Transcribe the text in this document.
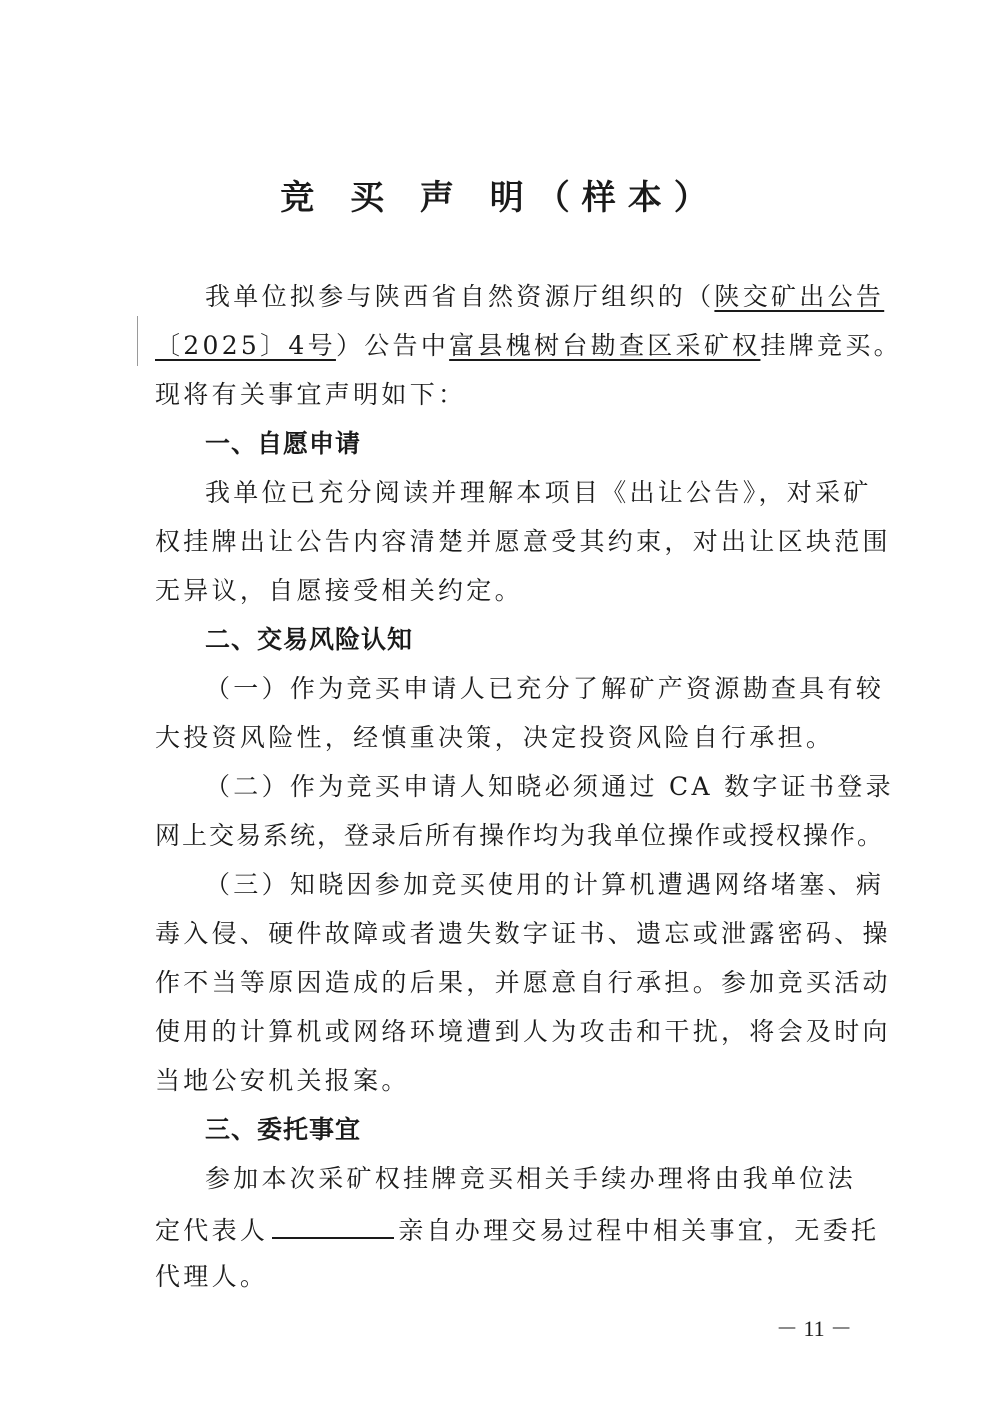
竞 买 声 明（样本）
我单位拟参与陕西省自然资源厅组织的（陕交矿出公告
〔2025〕4号）公告中富县槐树台勘查区采矿权挂牌竞买。
现将有关事宜声明如下：
一、自愿申请
我单位已充分阅读并理解本项目《出让公告》，对采矿
权挂牌出让公告内容清楚并愿意受其约束，对出让区块范围
无异议，自愿接受相关约定。
二、交易风险认知
（一）作为竞买申请人已充分了解矿产资源勘查具有较
大投资风险性，经慎重决策，决定投资风险自行承担。
（二）作为竞买申请人知晓必须通过 CA 数字证书登录
网上交易系统，登录后所有操作均为我单位操作或授权操作。
（三）知晓因参加竞买使用的计算机遭遇网络堵塞、病
毒入侵、硬件故障或者遗失数字证书、遗忘或泄露密码、操
作不当等原因造成的后果，并愿意自行承担。参加竞买活动
使用的计算机或网络环境遭到人为攻击和干扰，将会及时向
当地公安机关报案。
三、委托事宜
参加本次采矿权挂牌竞买相关手续办理将由我单位法
定代表人	亲自办理交易过程中相关事宜，无委托
代理人。
－ 11 －
